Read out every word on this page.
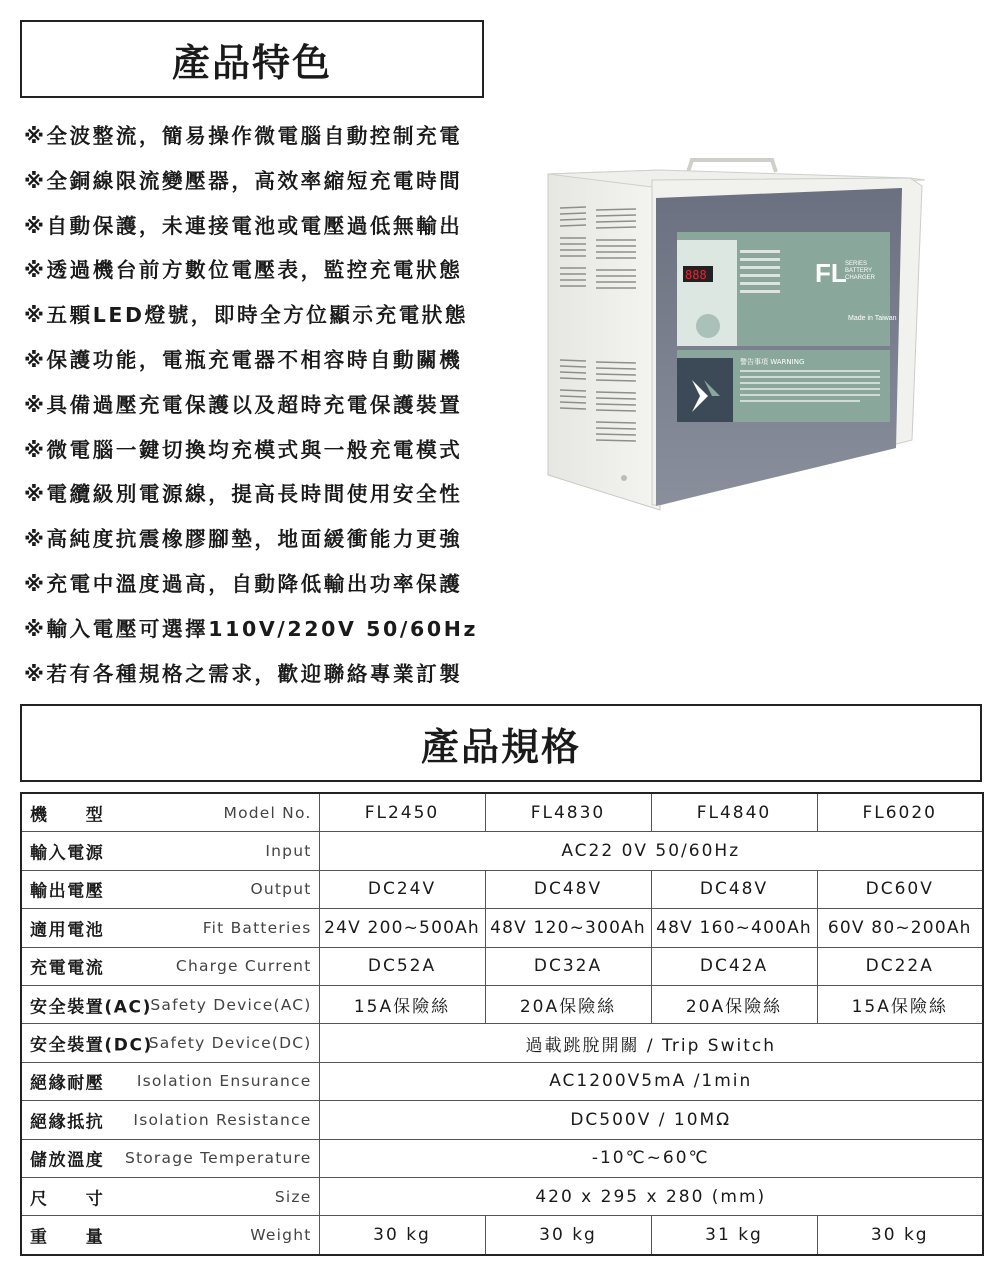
產品特色
※全波整流，簡易操作微電腦自動控制充電
※全銅線限流變壓器，高效率縮短充電時間
※自動保護，未連接電池或電壓過低無輸出
※透過機台前方數位電壓表，監控充電狀態
※五顆LED燈號，即時全方位顯示充電狀態
※保護功能，電瓶充電器不相容時自動關機
※具備過壓充電保護以及超時充電保護裝置
※微電腦一鍵切換均充模式與一般充電模式
※電纜級別電源線，提高長時間使用安全性
※高純度抗震橡膠腳墊，地面緩衝能力更強
※充電中溫度過高，自動降低輸出功率保護
※輸入電壓可選擇110V/220V 50/60Hz
※若有各種規格之需求，歡迎聯絡專業訂製
888	FL
SERIES
BATTERY
CHARGER
Made in Taiwan
警告事項 WARNING
產品規格
機　　型 Model No.	FL2450	FL4830	FL4840	FL6020

輸入電源 Input	AC22 0V 50/60Hz			

輸出電壓 Output	DC24V	DC48V	DC48V	DC60V

適用電池 Fit Batteries	24V 200~500Ah	48V 120~300Ah	48V 160~400Ah	60V 80~200Ah

充電電流 Charge Current	DC52A	DC32A	DC42A	DC22A

安全裝置(AC)
Safety Device(AC)	15A保險絲	20A保險絲	20A保險絲	15A保險絲

安全裝置(DC)
Safety Device(DC)	過載跳脫開關 / Trip Switch			

絕緣耐壓 Isolation Ensurance	AC1200V5mA /1min			

絕緣抵抗 Isolation Resistance	DC500V / 10MΩ			

儲放溫度 Storage Temperature	-10℃~60℃			

尺　　寸 Size	420 x 295 x 280 (mm)			

重　　量 Weight	30 kg	30 kg	31 kg	30 kg
